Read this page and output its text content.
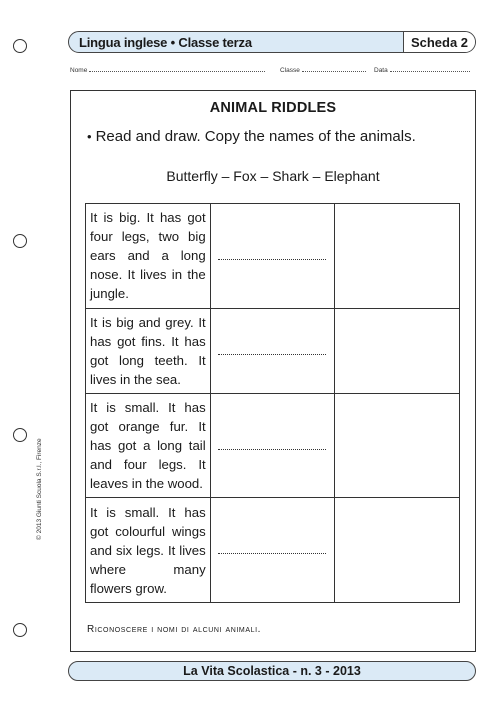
Lingua inglese • Classe terza	Scheda 2
Nome	Classe	Data
ANIMAL RIDDLES
• Read and draw. Copy the names of the animals.
Butterfly – Fox – Shark – Elephant
It is big. It has got four legs, two big ears and a long nose. It lives in the jungle.		
It is big and grey. It has got fins. It has got long teeth. It lives in the sea.		
It is small. It has got orange fur. It has got a long tail and four legs. It leaves in the wood.		
It is small. It has got colourful wings and six legs. It lives where many flowers grow.		
Riconoscere i nomi di alcuni animali.
© 2013 Giunti Scuola S.r.l., Firenze
La Vita Scolastica - n. 3 - 2013
